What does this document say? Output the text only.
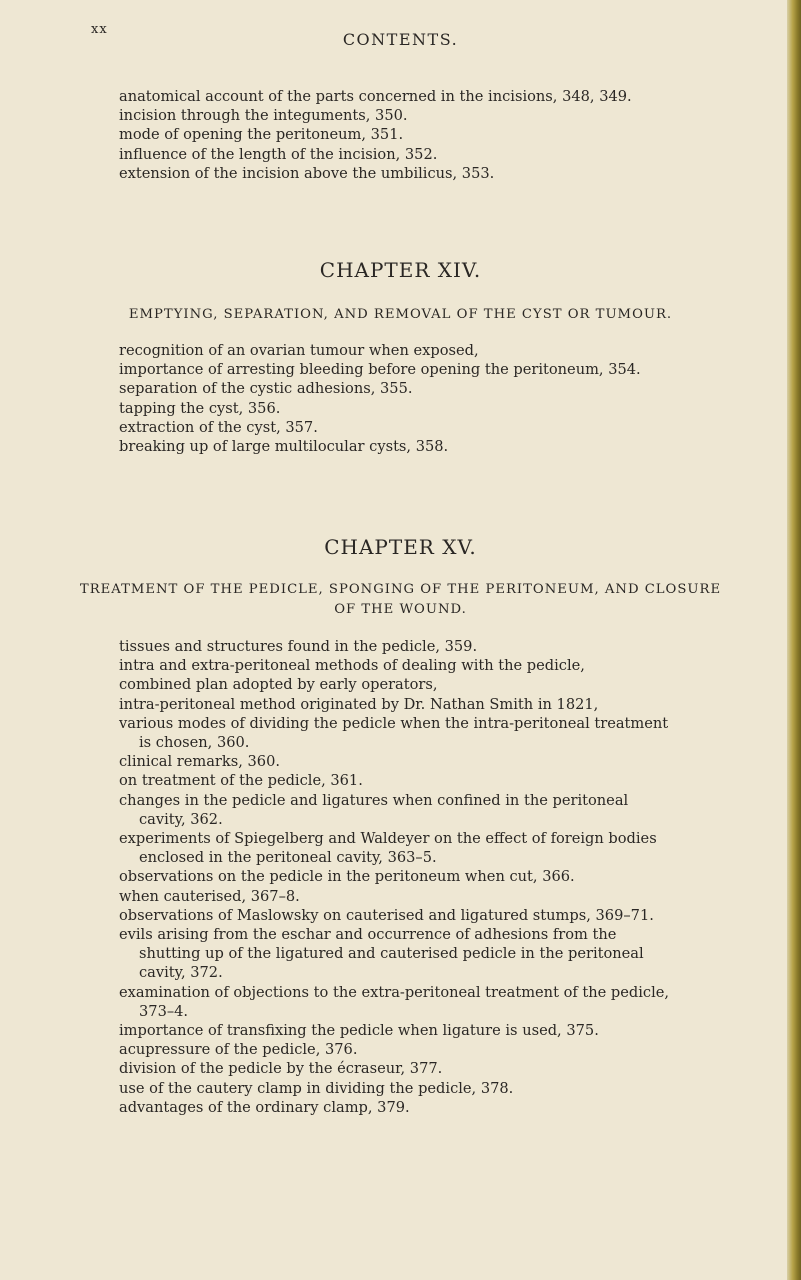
xx
CONTENTS.
anatomical account of the parts concerned in the incisions, 348, 349.
incision through the integuments, 350.
mode of opening the peritoneum, 351.
influence of the length of the incision, 352.
extension of the incision above the umbilicus, 353.
CHAPTER XIV.
EMPTYING, SEPARATION, AND REMOVAL OF THE CYST OR TUMOUR.
recognition of an ovarian tumour when exposed,
importance of arresting bleeding before opening the peritoneum, 354.
separation of the cystic adhesions, 355.
tapping the cyst, 356.
extraction of the cyst, 357.
breaking up of large multilocular cysts, 358.
CHAPTER XV.
TREATMENT OF THE PEDICLE, SPONGING OF THE PERITONEUM, AND CLOSURE
OF THE WOUND.
tissues and structures found in the pedicle, 359.
intra and extra-peritoneal methods of dealing with the pedicle,
combined plan adopted by early operators,
intra-peritoneal method originated by Dr. Nathan Smith in 1821,
various modes of dividing the pedicle when the intra-peritoneal treatment
is chosen, 360.
clinical remarks, 360.
on treatment of the pedicle, 361.
changes in the pedicle and ligatures when confined in the peritoneal
cavity, 362.
experiments of Spiegelberg and Waldeyer on the effect of foreign bodies
enclosed in the peritoneal cavity, 363–5.
observations on the pedicle in the peritoneum when cut, 366.
when cauterised, 367–8.
observations of Maslowsky on cauterised and ligatured stumps, 369–71.
evils arising from the eschar and occurrence of adhesions from the
shutting up of the ligatured and cauterised pedicle in the peritoneal
cavity, 372.
examination of objections to the extra-peritoneal treatment of the pedicle,
373–4.
importance of transfixing the pedicle when ligature is used, 375.
acupressure of the pedicle, 376.
division of the pedicle by the écraseur, 377.
use of the cautery clamp in dividing the pedicle, 378.
advantages of the ordinary clamp, 379.
